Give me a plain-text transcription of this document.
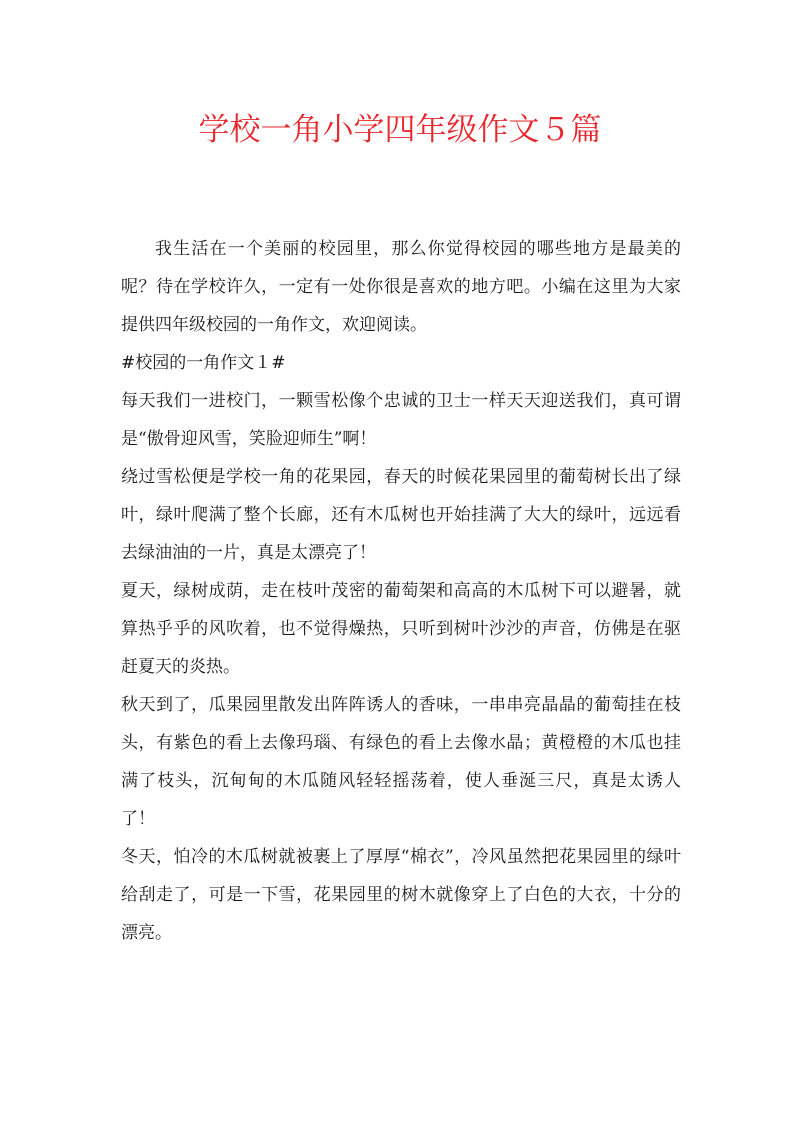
学校一角小学四年级作文５篇

我生活在一个美丽的校园里，那么你觉得校园的哪些地方是最美的呢？待在学校许久，一定有一处你很是喜欢的地方吧。小编在这里为大家提供四年级校园的一角作文，欢迎阅读。

#校园的一角作文１#

每天我们一进校门，一颗雪松像个忠诚的卫士一样天天迎送我们，真可谓是“傲骨迎风雪，笑脸迎师生”啊！

绕过雪松便是学校一角的花果园，春天的时候花果园里的葡萄树长出了绿叶，绿叶爬满了整个长廊，还有木瓜树也开始挂满了大大的绿叶，远远看去绿油油的一片，真是太漂亮了！

夏天，绿树成荫，走在枝叶茂密的葡萄架和高高的木瓜树下可以避暑，就算热乎乎的风吹着，也不觉得燥热，只听到树叶沙沙的声音，仿佛是在驱赶夏天的炎热。

秋天到了，瓜果园里散发出阵阵诱人的香味，一串串亮晶晶的葡萄挂在枝头，有紫色的看上去像玛瑙、有绿色的看上去像水晶；黄橙橙的木瓜也挂满了枝头，沉甸甸的木瓜随风轻轻摇荡着，使人垂涎三尺，真是太诱人了！

冬天，怕冷的木瓜树就被裹上了厚厚“棉衣”，冷风虽然把花果园里的绿叶给刮走了，可是一下雪，花果园里的树木就像穿上了白色的大衣，十分的漂亮。
